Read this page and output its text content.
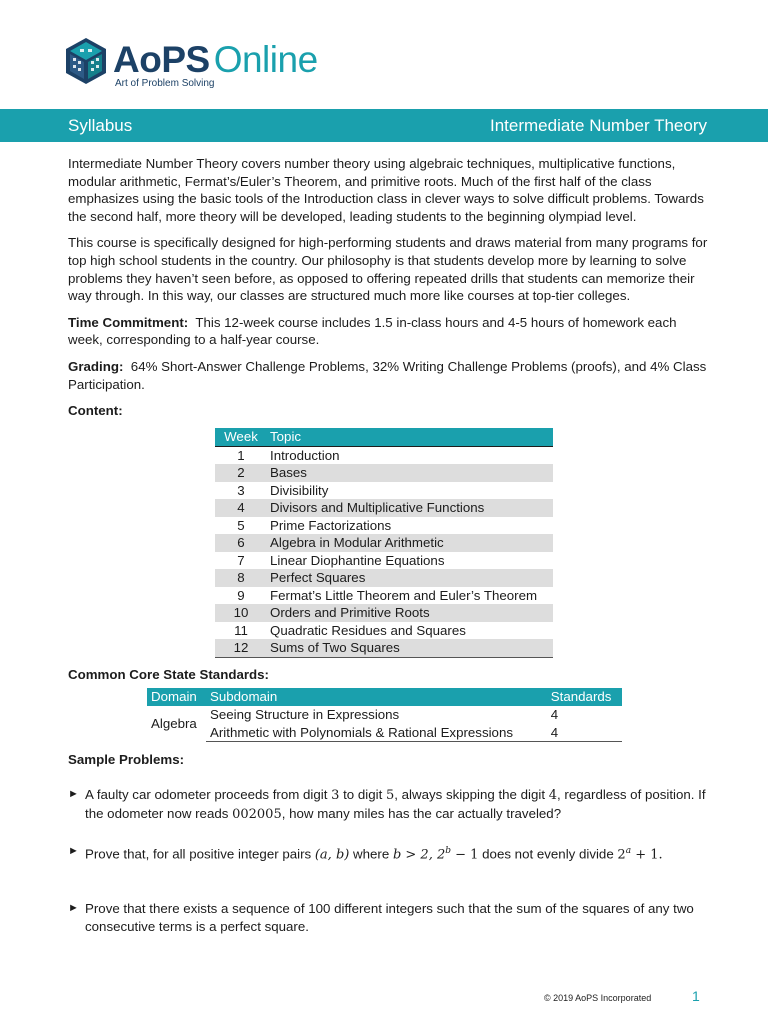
AoPS Online
Art of Problem Solving
Syllabus	Intermediate Number Theory

Intermediate Number Theory covers number theory using algebraic techniques, multiplicative functions, modular arithmetic, Fermat’s/Euler’s Theorem, and primitive roots. Much of the first half of the class emphasizes using the basic tools of the Introduction class in clever ways to solve difficult problems. Towards the second half, more theory will be developed, leading students to the beginning olympiad level.

This course is specifically designed for high-performing students and draws material from many programs for top high school students in the country. Our philosophy is that students develop more by learning to solve problems they haven’t seen before, as opposed to offering repeated drills that students can memorize their way through. In this way, our classes are structured much more like courses at top-tier colleges.

Time Commitment: This 12-week course includes 1.5 in-class hours and 4-5 hours of homework each week, corresponding to a half-year course.

Grading: 64% Short-Answer Challenge Problems, 32% Writing Challenge Problems (proofs), and 4% Class Participation.

Content:

Week	Topic
1	Introduction
2	Bases
3	Divisibility
4	Divisors and Multiplicative Functions
5	Prime Factorizations
6	Algebra in Modular Arithmetic
7	Linear Diophantine Equations
8	Perfect Squares
9	Fermat’s Little Theorem and Euler’s Theorem
10	Orders and Primitive Roots
11	Quadratic Residues and Squares
12	Sums of Two Squares

Common Core State Standards:

Domain	Subdomain	Standards
Algebra	Seeing Structure in Expressions	4
	Arithmetic with Polynomials & Rational Expressions	4

Sample Problems:

► A faulty car odometer proceeds from digit 3 to digit 5, always skipping the digit 4, regardless of position. If the odometer now reads 002005, how many miles has the car actually traveled?
► Prove that, for all positive integer pairs (a, b) where b > 2, $2^b - 1$ does not evenly divide $2^a + 1$.
► Prove that there exists a sequence of 100 different integers such that the sum of the squares of any two consecutive terms is a perfect square.
© 2019 AoPS Incorporated	1
